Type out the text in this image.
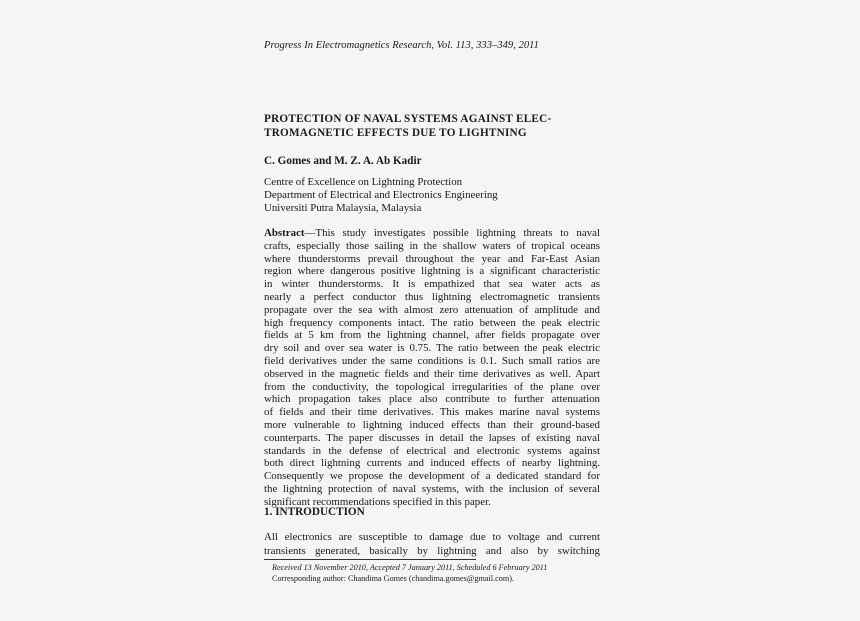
Progress In Electromagnetics Research, Vol. 113, 333–349, 2011
PROTECTION OF NAVAL SYSTEMS AGAINST ELEC-
TROMAGNETIC EFFECTS DUE TO LIGHTNING
C. Gomes and M. Z. A. Ab Kadir
Centre of Excellence on Lightning Protection
Department of Electrical and Electronics Engineering
Universiti Putra Malaysia, Malaysia
Abstract—This study investigates possible lightning threats to naval
crafts, especially those sailing in the shallow waters of tropical oceans
where thunderstorms prevail throughout the year and Far-East Asian
region where dangerous positive lightning is a significant characteristic
in winter thunderstorms. It is empathized that sea water acts as
nearly a perfect conductor thus lightning electromagnetic transients
propagate over the sea with almost zero attenuation of amplitude and
high frequency components intact. The ratio between the peak electric
fields at 5 km from the lightning channel, after fields propagate over
dry soil and over sea water is 0.75. The ratio between the peak electric
field derivatives under the same conditions is 0.1. Such small ratios are
observed in the magnetic fields and their time derivatives as well. Apart
from the conductivity, the topological irregularities of the plane over
which propagation takes place also contribute to further attenuation
of fields and their time derivatives. This makes marine naval systems
more vulnerable to lightning induced effects than their ground-based
counterparts. The paper discusses in detail the lapses of existing naval
standards in the defense of electrical and electronic systems against
both direct lightning currents and induced effects of nearby lightning.
Consequently we propose the development of a dedicated standard for
the lightning protection of naval systems, with the inclusion of several
significant recommendations specified in this paper.
1. INTRODUCTION
All electronics are susceptible to damage due to voltage and current
transients generated, basically by lightning and also by switching
Received 13 November 2010, Accepted 7 January 2011, Scheduled 6 February 2011
Corresponding author: Chandima Gomes (chandima.gomes@gmail.com).
